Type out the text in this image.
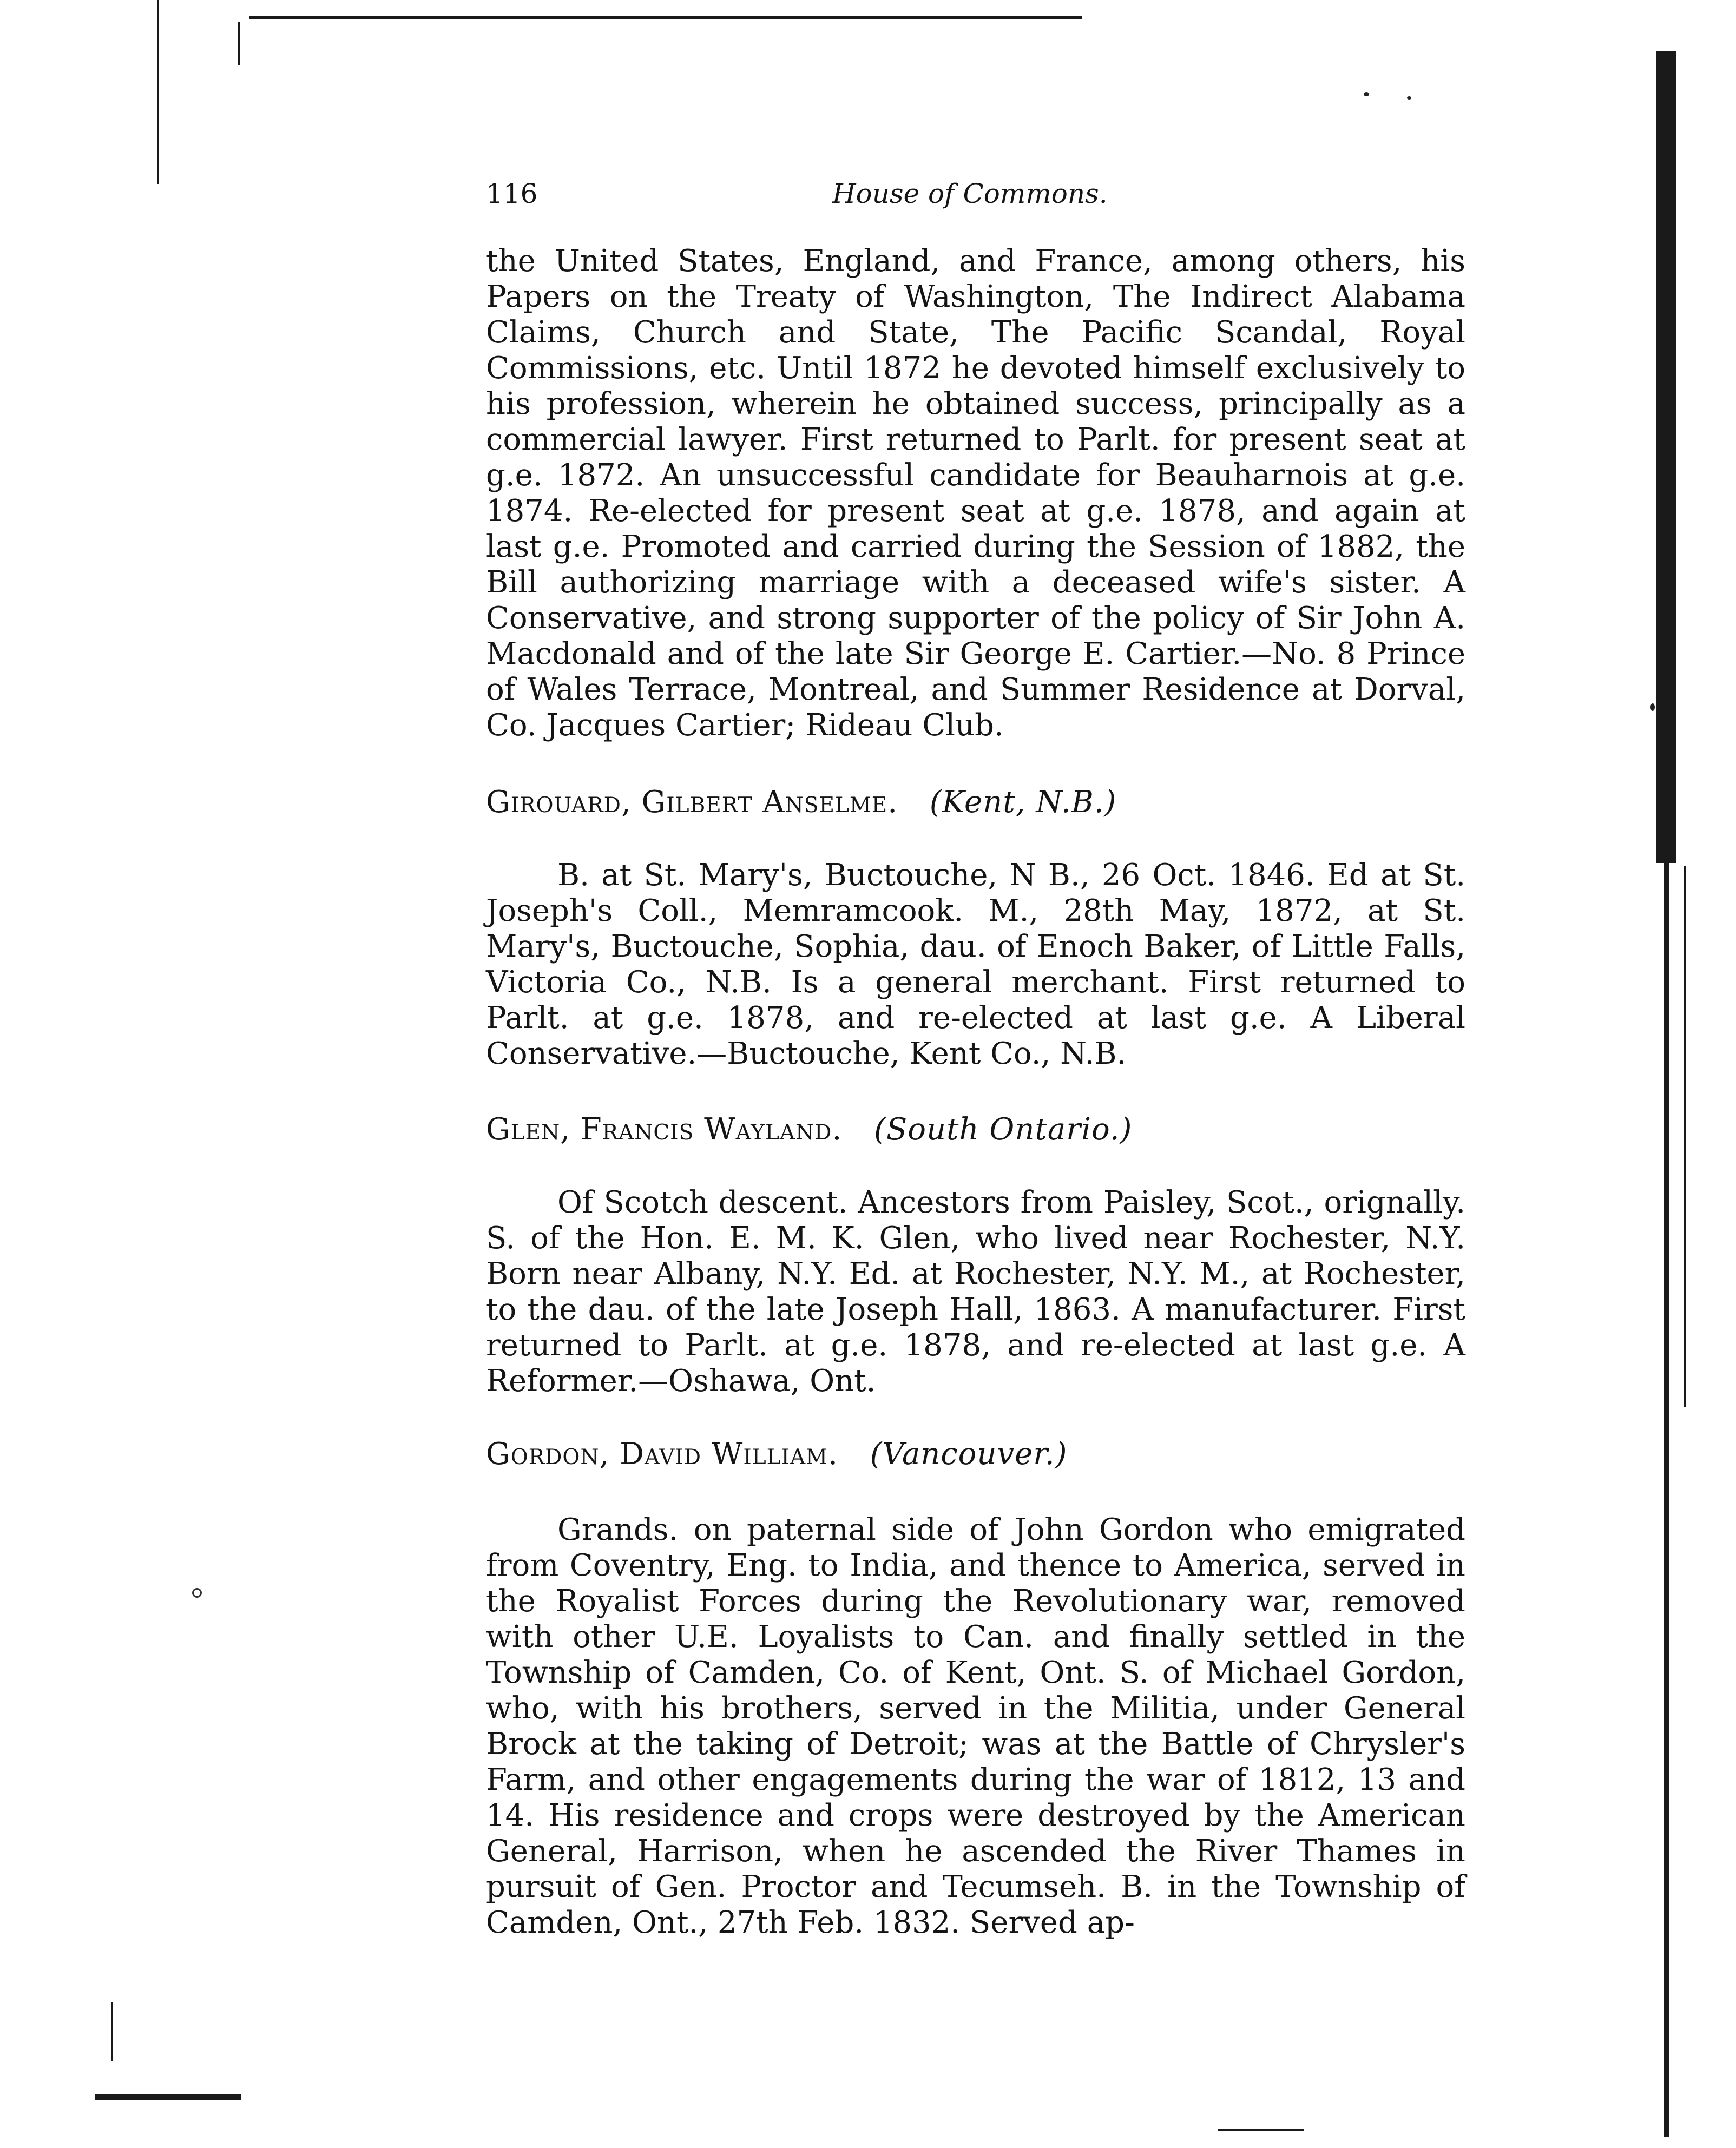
116	House of Commons.

the United States, England, and France, among others, his Papers on the Treaty of Washington, The Indirect Alabama Claims, Church and State, The Pacific Scandal, Royal Commissions, etc. Until 1872 he devoted himself exclusively to his profession, wherein he obtained success, principally as a commercial lawyer. First returned to Parlt. for present seat at g.e. 1872. An unsuccessful candidate for Beauharnois at g.e. 1874. Re-elected for present seat at g.e. 1878, and again at last g.e. Promoted and carried during the Session of 1882, the Bill authorizing marriage with a deceased wife's sister. A Conservative, and strong supporter of the policy of Sir John A. Macdonald and of the late Sir George E. Cartier.—No. 8 Prince of Wales Terrace, Montreal, and Summer Residence at Dorval, Co. Jacques Cartier; Rideau Club.

Girouard, Gilbert Anselme. (Kent, N.B.)

B. at St. Mary's, Buctouche, N B., 26 Oct. 1846. Ed at St. Joseph's Coll., Memramcook. M., 28th May, 1872, at St. Mary's, Buctouche, Sophia, dau. of Enoch Baker, of Little Falls, Victoria Co., N.B. Is a general merchant. First returned to Parlt. at g.e. 1878, and re-elected at last g.e. A Liberal Conservative.—Buctouche, Kent Co., N.B.

Glen, Francis Wayland. (South Ontario.)

Of Scotch descent. Ancestors from Paisley, Scot., orignally. S. of the Hon. E. M. K. Glen, who lived near Rochester, N.Y. Born near Albany, N.Y. Ed. at Rochester, N.Y. M., at Rochester, to the dau. of the late Joseph Hall, 1863. A manufacturer. First returned to Parlt. at g.e. 1878, and re-elected at last g.e. A Reformer.—Oshawa, Ont.

Gordon, David William. (Vancouver.)

Grands. on paternal side of John Gordon who emigrated from Coventry, Eng. to India, and thence to America, served in the Royalist Forces during the Revolutionary war, removed with other U.E. Loyalists to Can. and finally settled in the Township of Camden, Co. of Kent, Ont. S. of Michael Gordon, who, with his brothers, served in the Militia, under General Brock at the taking of Detroit; was at the Battle of Chrysler's Farm, and other engagements during the war of 1812, 13 and 14. His residence and crops were destroyed by the American General, Harrison, when he ascended the River Thames in pursuit of Gen. Proctor and Tecumseh. B. in the Township of Camden, Ont., 27th Feb. 1832. Served ap-
